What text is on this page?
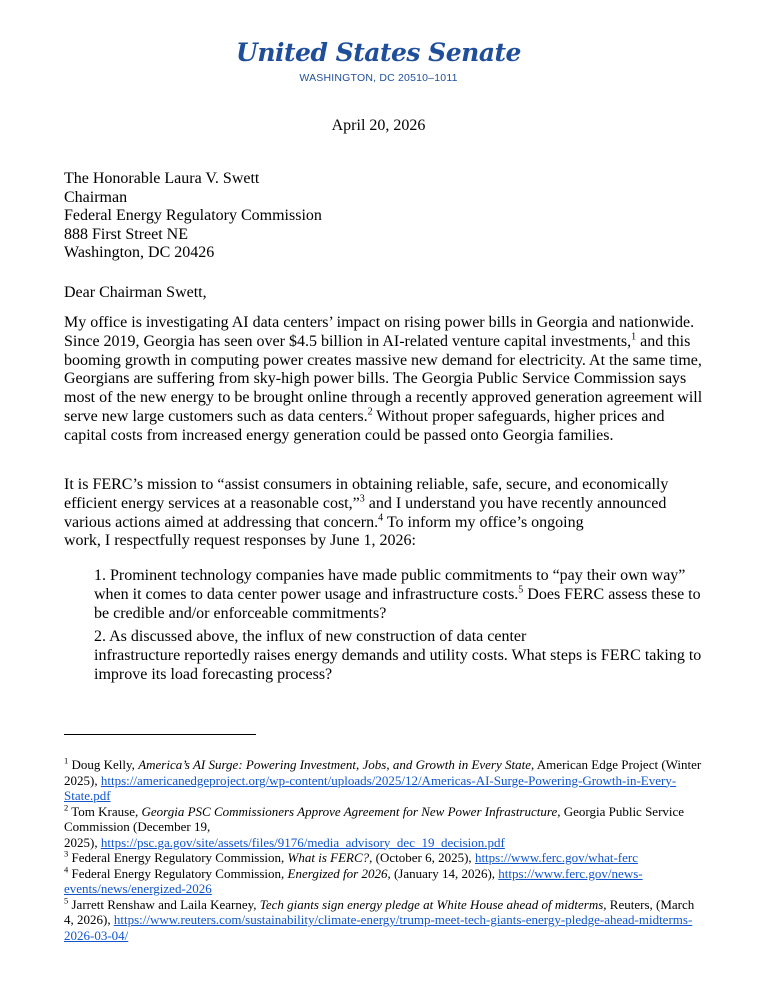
United States Senate
WASHINGTON, DC 20510–1011
April 20, 2026
The Honorable Laura V. Swett
Chairman
Federal Energy Regulatory Commission
888 First Street NE
Washington, DC 20426
Dear Chairman Swett,
My office is investigating AI data centers’ impact on rising power bills in Georgia and nationwide. Since 2019, Georgia has seen over $4.5 billion in AI-related venture capital investments,$^1$ and this booming growth in computing power creates massive new demand for electricity. At the same time, Georgians are suffering from sky-high power bills. The Georgia Public Service Commission says most of the new energy to be brought online through a recently approved generation agreement will serve new large customers such as data centers.$^2$ Without proper safeguards, higher prices and capital costs from increased energy generation could be passed onto Georgia families.
It is FERC’s mission to “assist consumers in obtaining reliable, safe, secure, and economically efficient energy services at a reasonable cost,”$^3$ and I understand you have recently announced various actions aimed at addressing that concern.$^4$ To inform my office’s ongoing
work, I respectfully request responses by June 1, 2026:
1. Prominent technology companies have made public commitments to “pay their own way” when it comes to data center power usage and infrastructure costs.$^5$ Does FERC assess these to be credible and/or enforceable commitments?
2. As discussed above, the influx of new construction of data center
infrastructure reportedly raises energy demands and utility costs. What steps is FERC taking to improve its load forecasting process?
$^1$ Doug Kelly, America’s AI Surge: Powering Investment, Jobs, and Growth in Every State, American Edge Project (Winter 2025), https://americanedgeproject.org/wp-content/uploads/2025/12/Americas-AI-Surge-Powering-Growth-in-Every-State.pdf
$^2$ Tom Krause, Georgia PSC Commissioners Approve Agreement for New Power Infrastructure, Georgia Public Service Commission (December 19,
2025), https://psc.ga.gov/site/assets/files/9176/media_advisory_dec_19_decision.pdf
$^3$ Federal Energy Regulatory Commission, What is FERC?, (October 6, 2025), https://www.ferc.gov/what-ferc
$^4$ Federal Energy Regulatory Commission, Energized for 2026, (January 14, 2026), https://www.ferc.gov/news-events/news/energized-2026
$^5$ Jarrett Renshaw and Laila Kearney, Tech giants sign energy pledge at White House ahead of midterms, Reuters, (March 4, 2026), https://www.reuters.com/sustainability/climate-energy/trump-meet-tech-giants-energy-pledge-ahead-midterms-2026-03-04/
